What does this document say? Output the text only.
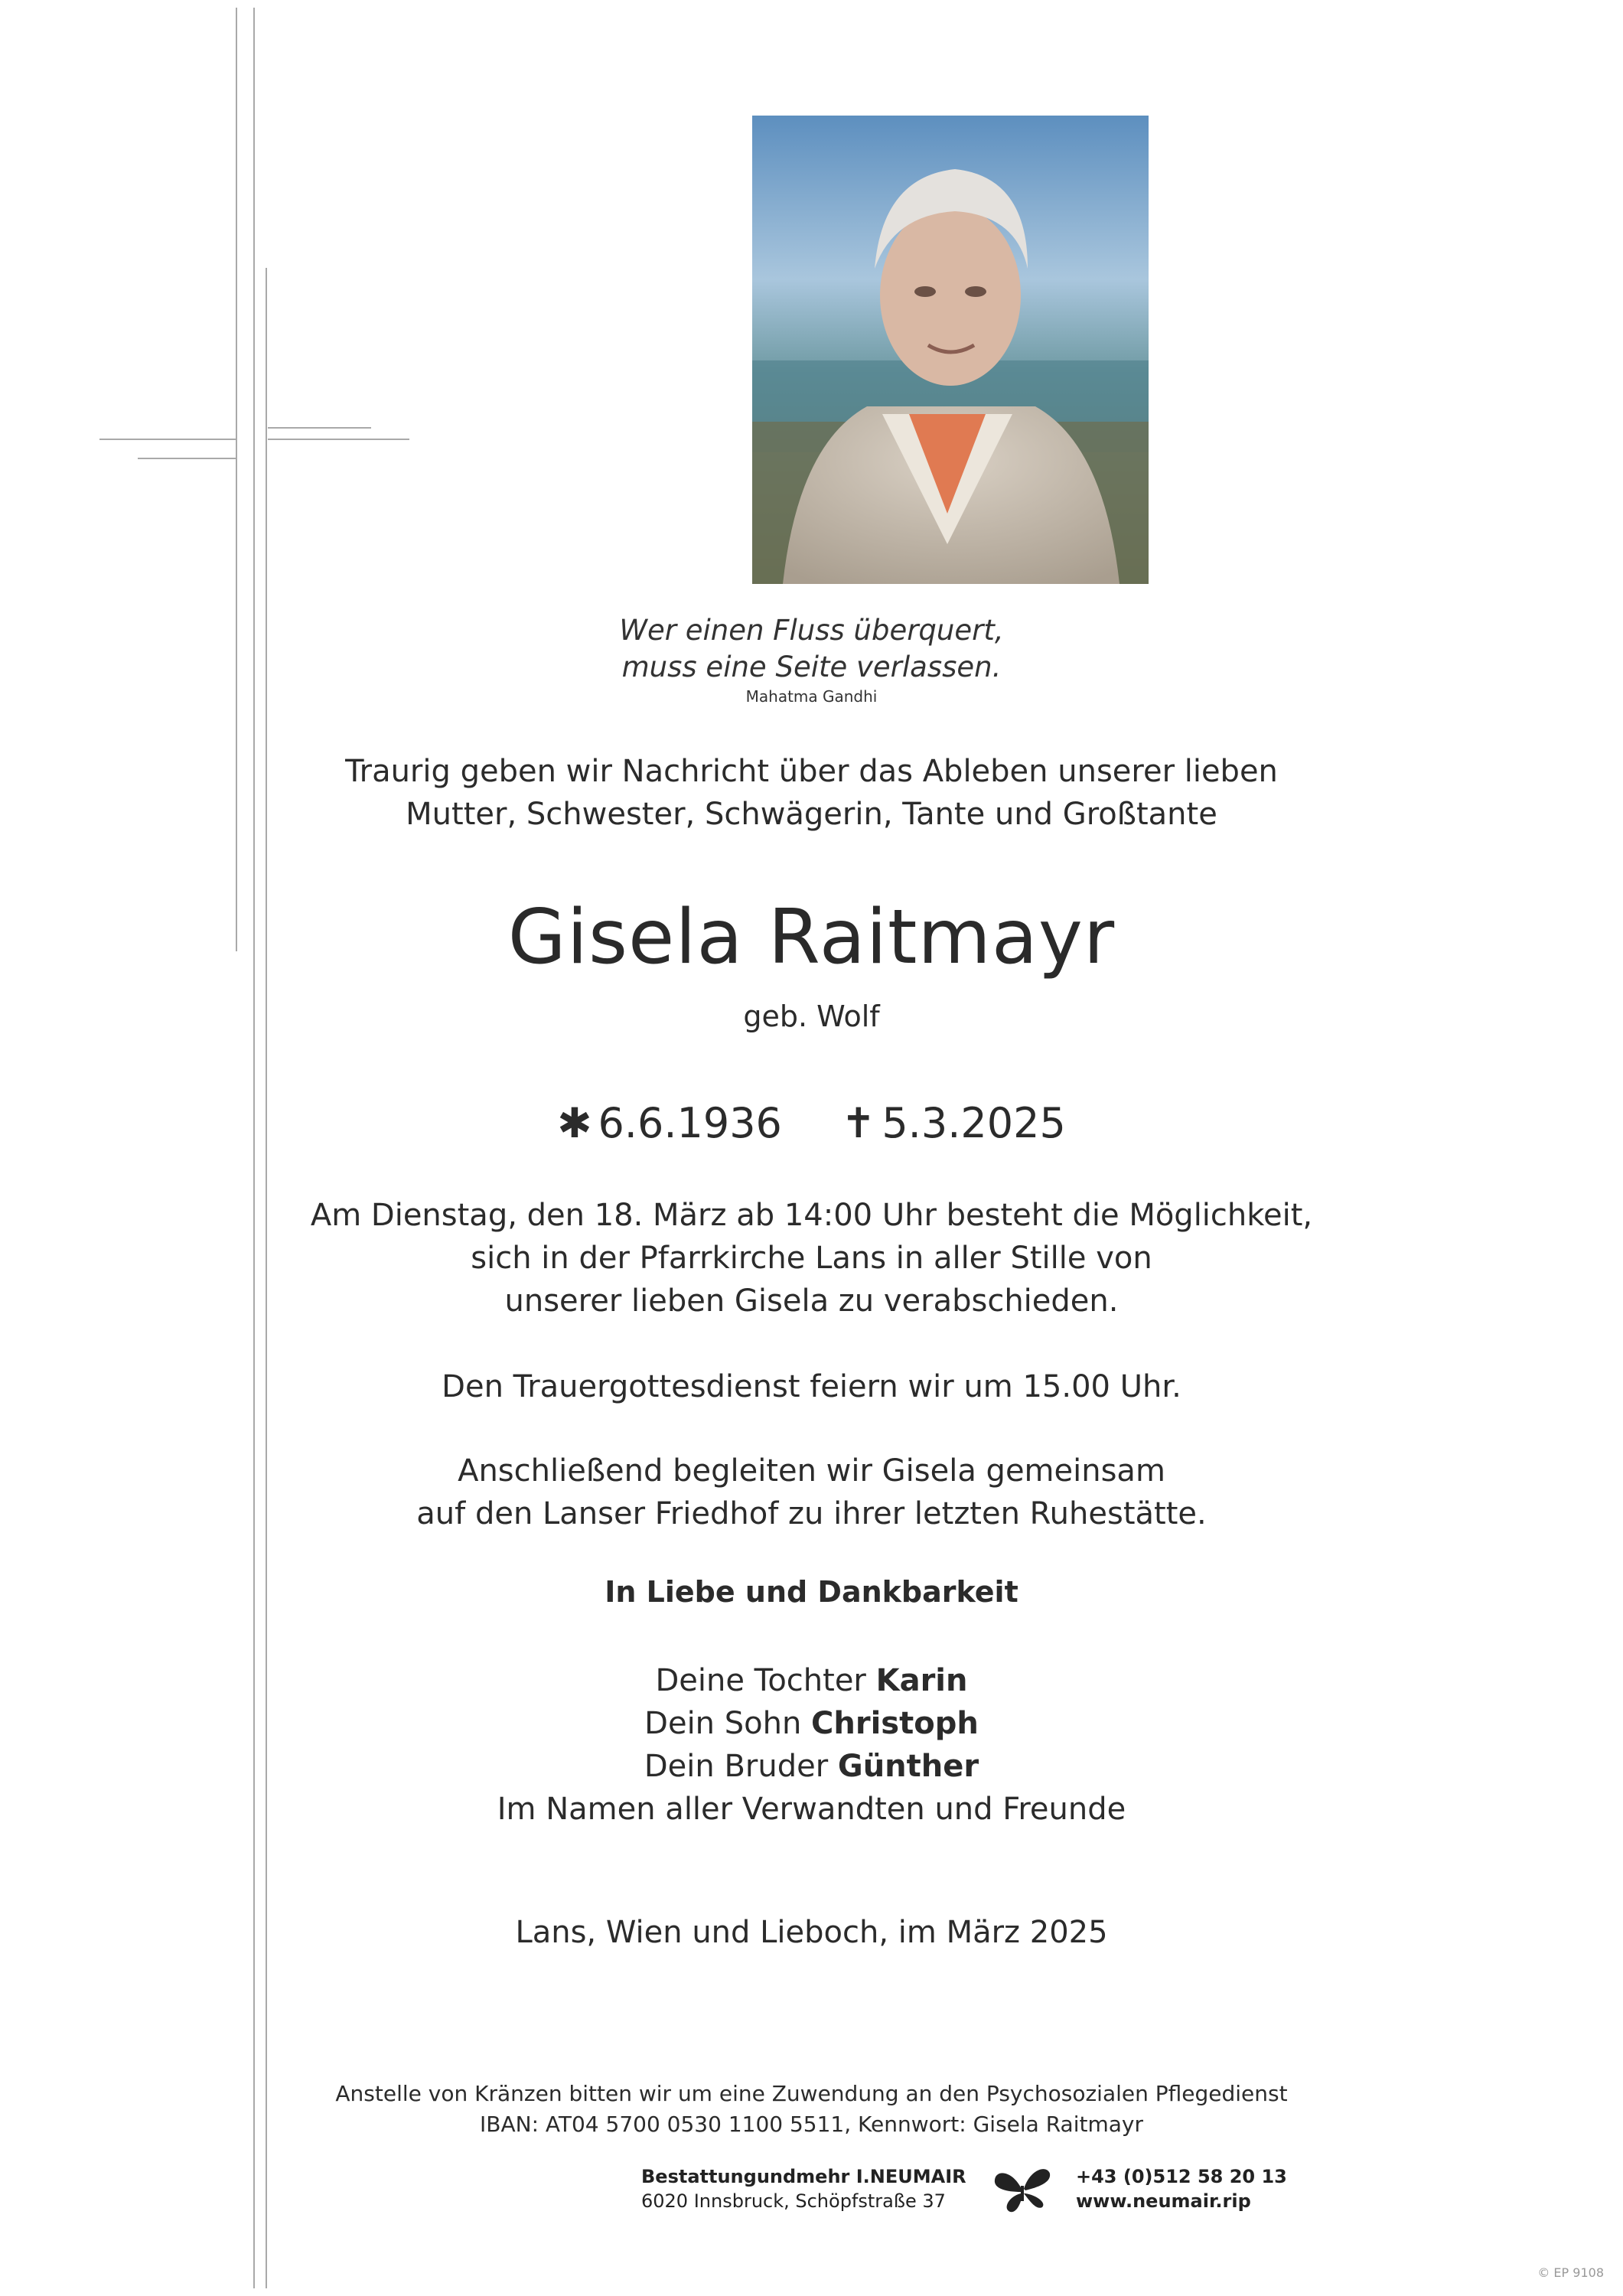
Wer einen Fluss überquert,
muss eine Seite verlassen.
Mahatma Gandhi
Traurig geben wir Nachricht über das Ableben unserer lieben
Mutter, Schwester, Schwägerin, Tante und Großtante
Gisela Raitmayr
geb. Wolf
✱ 6.6.1936 ✝ 5.3.2025
Am Dienstag, den 18. März ab 14:00 Uhr besteht die Möglichkeit,
sich in der Pfarrkirche Lans in aller Stille von
unserer lieben Gisela zu verabschieden.
Den Trauergottesdienst feiern wir um 15.00 Uhr.
Anschließend begleiten wir Gisela gemeinsam
auf den Lanser Friedhof zu ihrer letzten Ruhestätte.
In Liebe und Dankbarkeit
Deine Tochter Karin
Dein Sohn Christoph
Dein Bruder Günther
Im Namen aller Verwandten und Freunde
Lans, Wien und Lieboch, im März 2025
Anstelle von Kränzen bitten wir um eine Zuwendung an den Psychosozialen Pflegedienst
IBAN: AT04 5700 0530 1100 5511, Kennwort: Gisela Raitmayr
Bestattungundmehr I.NEUMAIR
6020 Innsbruck, Schöpfstraße 37
+43 (0)512 58 20 13
www.neumair.rip
© EP 9108
